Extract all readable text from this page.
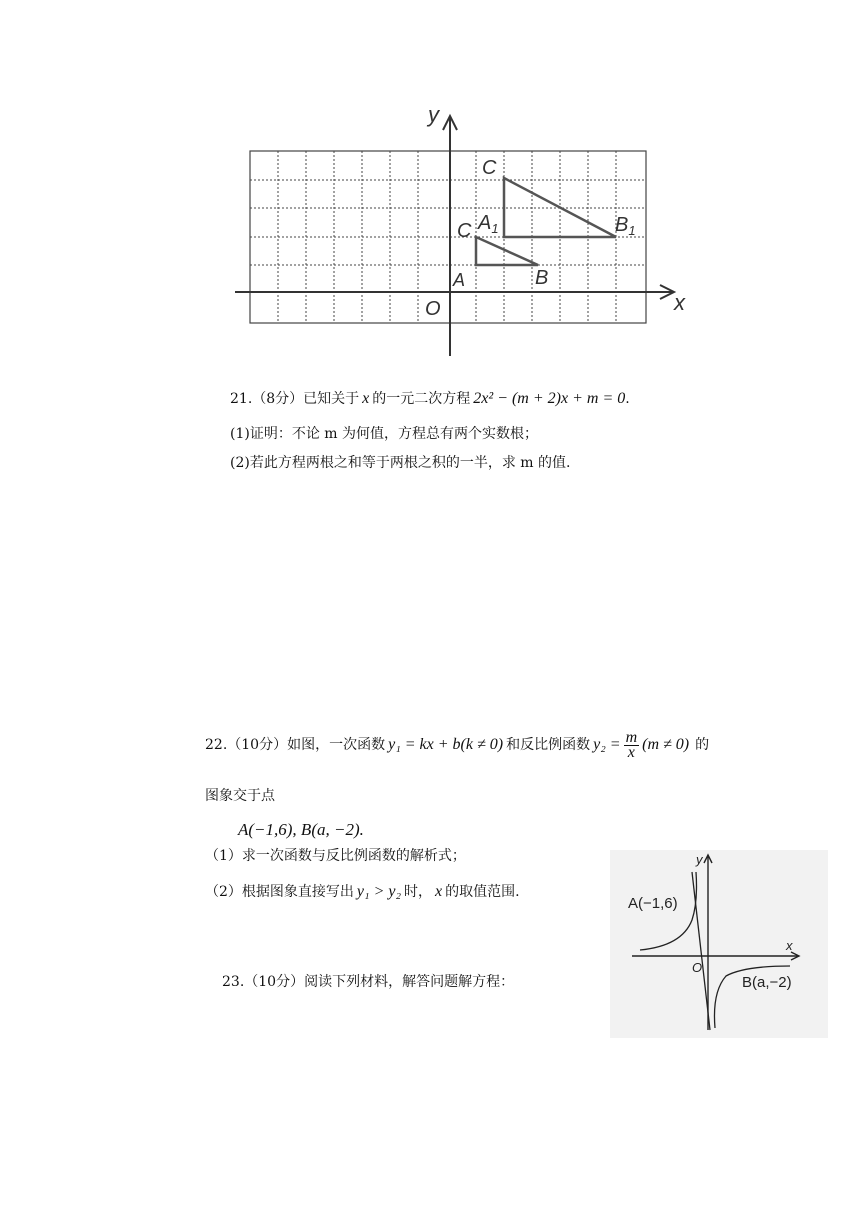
y
x
O
C
$A_1$	$B_1$
C
A	B
21.（8分）已知关于 x 的一元二次方程 2x² − (m + 2)x + m = 0.
(1)证明：不论 m 为何值，方程总有两个实数根；
(2)若此方程两根之和等于两根之积的一半，求 m 的值.
22.（10分）如图，一次函数 y₁ = kx + b(k ≠ 0) 和反比例函数 $y_2 = \frac{m}{x} (m \ne 0)$ 的
图象交于点
A(−1,6), B(a, −2).
（1）求一次函数与反比例函数的解析式；
（2）根据图象直接写出 y₁ > y₂ 时， x 的取值范围.
y
x
O
A(−1,6)
B(a,−2)
23.（10分）阅读下列材料，解答问题解方程：
